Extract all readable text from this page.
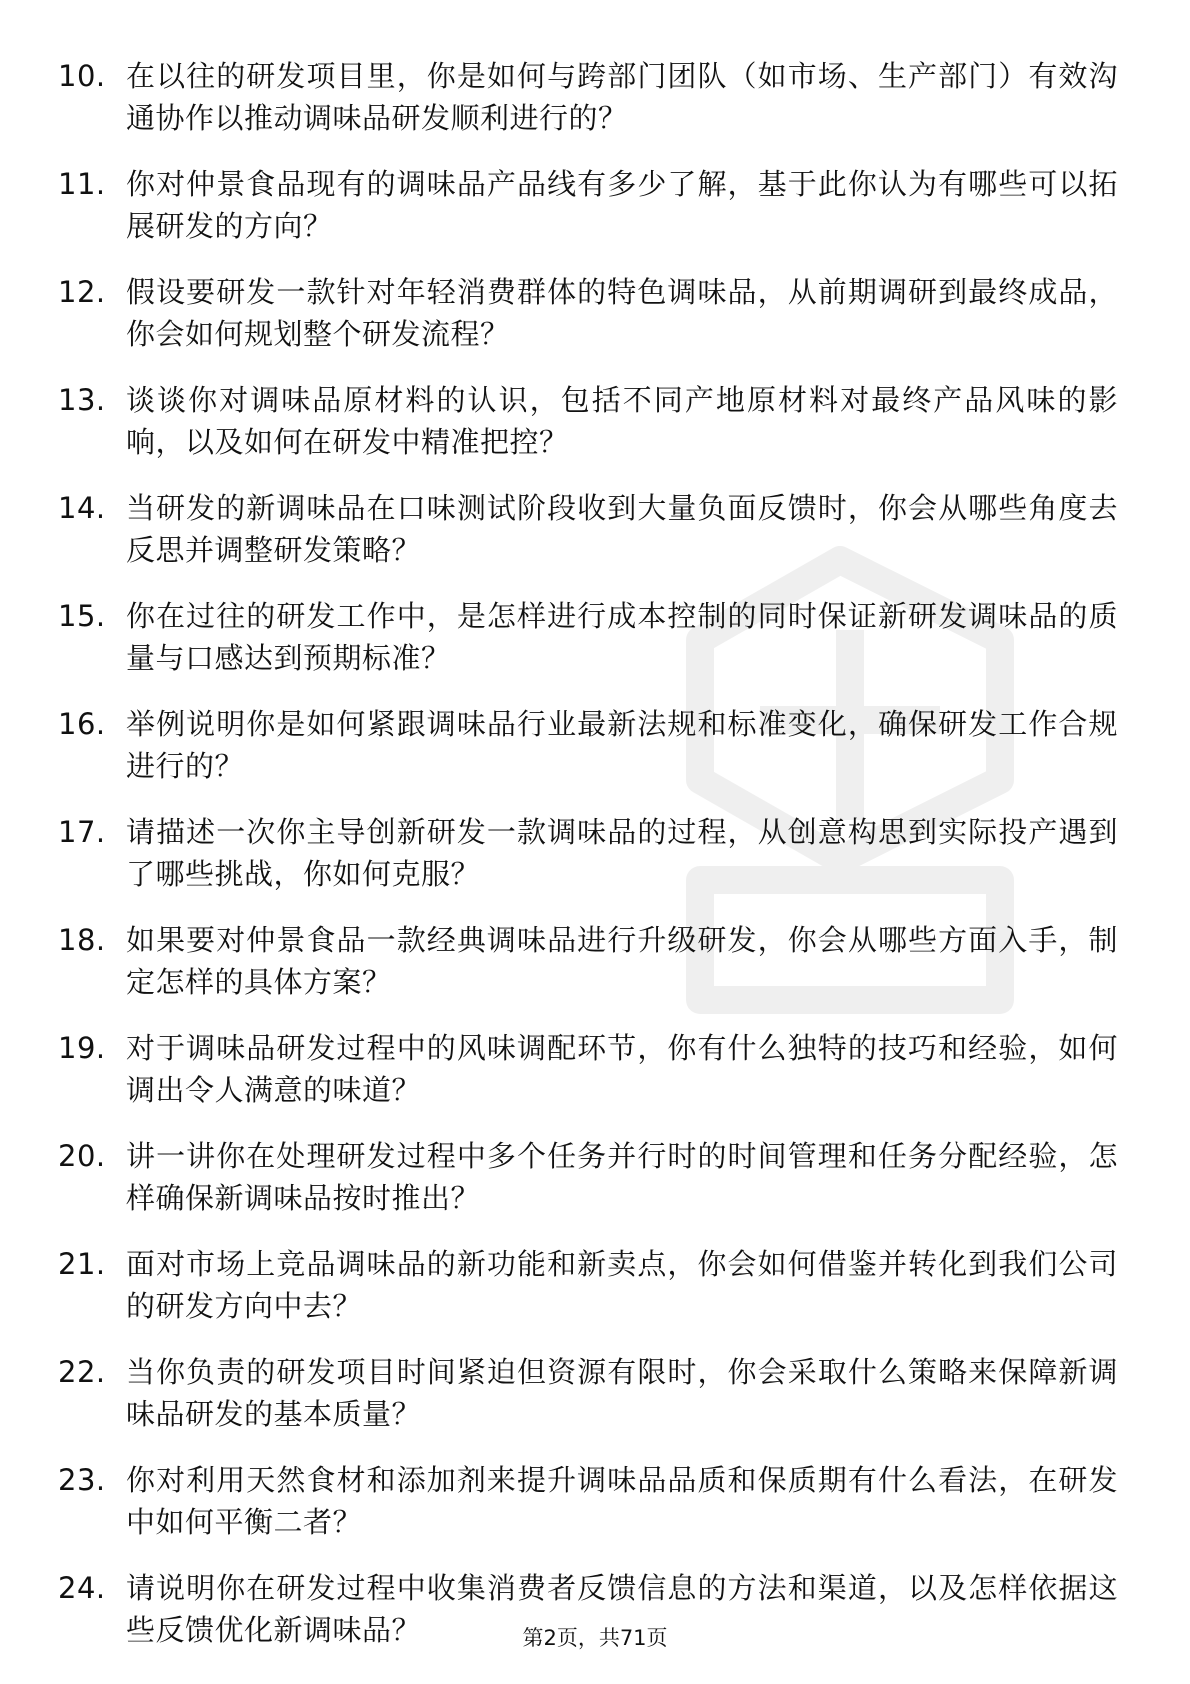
10. 在以往的研发项目里，你是如何与跨部门团队（如市场、生产部门）有效沟通协作以推动调味品研发顺利进行的？
11. 你对仲景食品现有的调味品产品线有多少了解，基于此你认为有哪些可以拓展研发的方向？
12. 假设要研发一款针对年轻消费群体的特色调味品，从前期调研到最终成品，你会如何规划整个研发流程？
13. 谈谈你对调味品原材料的认识，包括不同产地原材料对最终产品风味的影响，以及如何在研发中精准把控？
14. 当研发的新调味品在口味测试阶段收到大量负面反馈时，你会从哪些角度去反思并调整研发策略？
15. 你在过往的研发工作中，是怎样进行成本控制的同时保证新研发调味品的质量与口感达到预期标准？
16. 举例说明你是如何紧跟调味品行业最新法规和标准变化，确保研发工作合规进行的？
17. 请描述一次你主导创新研发一款调味品的过程，从创意构思到实际投产遇到了哪些挑战，你如何克服？
18. 如果要对仲景食品一款经典调味品进行升级研发，你会从哪些方面入手，制定怎样的具体方案？
19. 对于调味品研发过程中的风味调配环节，你有什么独特的技巧和经验，如何调出令人满意的味道？
20. 讲一讲你在处理研发过程中多个任务并行时的时间管理和任务分配经验，怎样确保新调味品按时推出？
21. 面对市场上竞品调味品的新功能和新卖点，你会如何借鉴并转化到我们公司的研发方向中去？
22. 当你负责的研发项目时间紧迫但资源有限时，你会采取什么策略来保障新调味品研发的基本质量？
23. 你对利用天然食材和添加剂来提升调味品品质和保质期有什么看法，在研发中如何平衡二者？
24. 请说明你在研发过程中收集消费者反馈信息的方法和渠道，以及怎样依据这些反馈优化新调味品？	第2页，共71页
